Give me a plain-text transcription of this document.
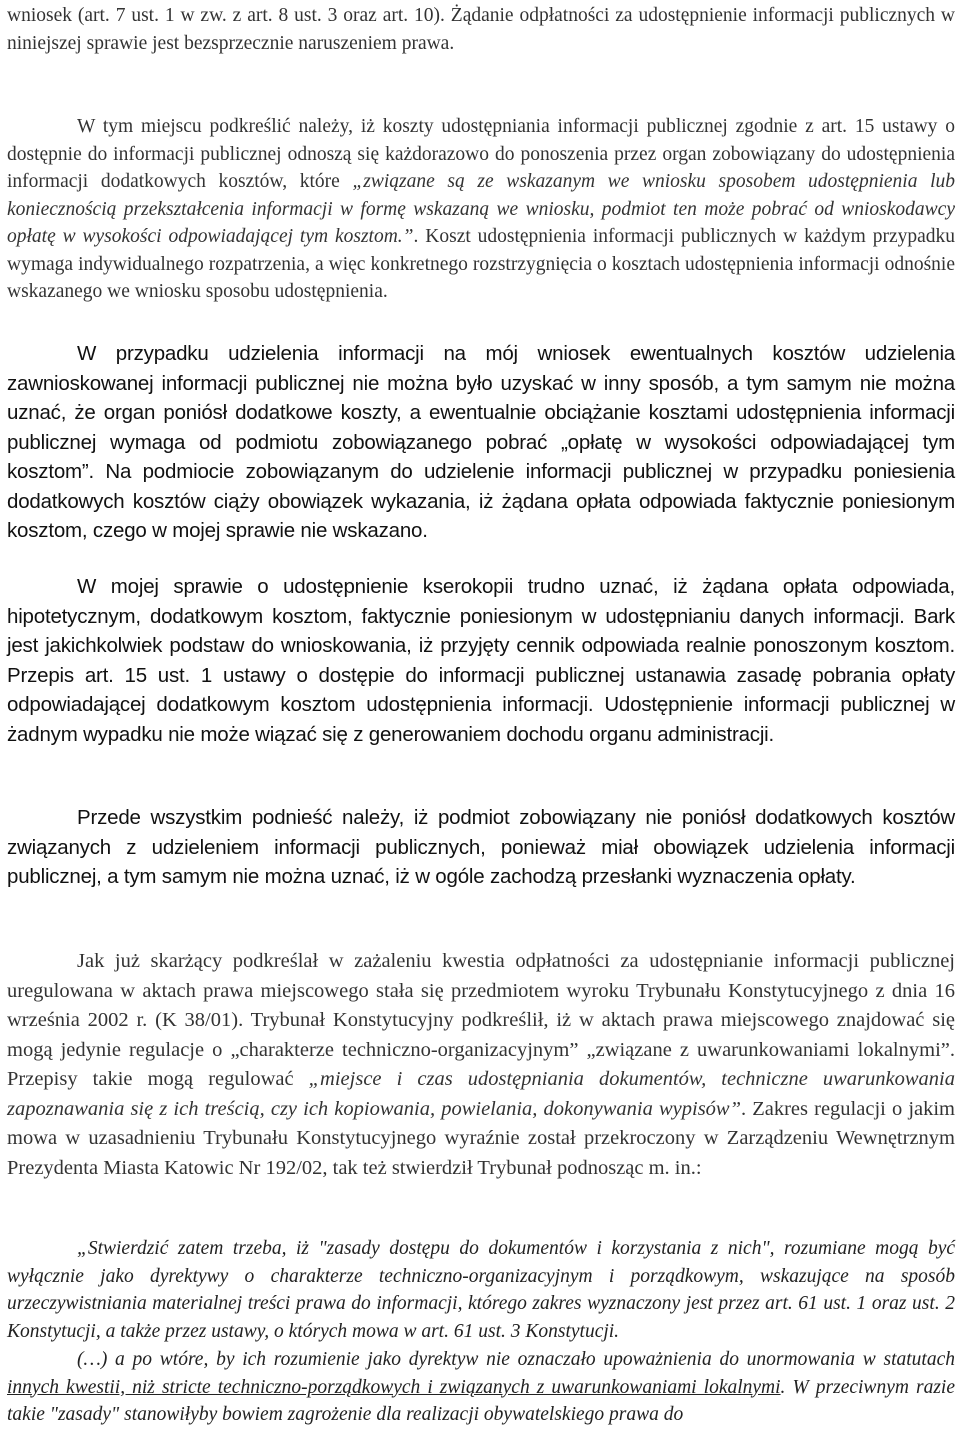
wniosek (art. 7 ust. 1 w zw. z art. 8 ust. 3 oraz art. 10). Żądanie odpłatności za udostępnienie informacji publicznych w niniejszej sprawie jest bezsprzecznie naruszeniem prawa.

W tym miejscu podkreślić należy, iż koszty udostępniania informacji publicznej zgodnie z art. 15 ustawy o dostępnie do informacji publicznej odnoszą się każdorazowo do ponoszenia przez organ zobowiązany do udostępnienia informacji dodatkowych kosztów, które „związane są ze wskazanym we wniosku sposobem udostępnienia lub koniecznością przekształcenia informacji w formę wskazaną we wniosku, podmiot ten może pobrać od wnioskodawcy opłatę w wysokości odpowiadającej tym kosztom.”. Koszt udostępnienia informacji publicznych w każdym przypadku wymaga indywidualnego rozpatrzenia, a więc konkretnego rozstrzygnięcia o kosztach udostępnienia informacji odnośnie wskazanego we wniosku sposobu udostępnienia.

W przypadku udzielenia informacji na mój wniosek ewentualnych kosztów udzielenia zawnioskowanej informacji publicznej nie można było uzyskać w inny sposób, a tym samym nie można uznać, że organ poniósł dodatkowe koszty, a ewentualnie obciążanie kosztami udostępnienia informacji publicznej wymaga od podmiotu zobowiązanego pobrać „opłatę w wysokości odpowiadającej tym kosztom”. Na podmiocie zobowiązanym do udzielenie informacji publicznej w przypadku poniesienia dodatkowych kosztów ciąży obowiązek wykazania, iż żądana opłata odpowiada faktycznie poniesionym kosztom, czego w mojej sprawie nie wskazano.

W mojej sprawie o udostępnienie kserokopii trudno uznać, iż żądana opłata odpowiada, hipotetycznym, dodatkowym kosztom, faktycznie poniesionym w udostępnianiu danych informacji. Bark jest jakichkolwiek podstaw do wnioskowania, iż przyjęty cennik odpowiada realnie ponoszonym kosztom. Przepis art. 15 ust. 1 ustawy o dostępie do informacji publicznej ustanawia zasadę pobrania opłaty odpowiadającej dodatkowym kosztom udostępnienia informacji. Udostępnienie informacji publicznej w żadnym wypadku nie może wiązać się z generowaniem dochodu organu administracji.

Przede wszystkim podnieść należy, iż podmiot zobowiązany nie poniósł dodatkowych kosztów związanych z udzieleniem informacji publicznych, ponieważ miał obowiązek udzielenia informacji publicznej, a tym samym nie można uznać, iż w ogóle zachodzą przesłanki wyznaczenia opłaty.

Jak już skarżący podkreślał w zażaleniu kwestia odpłatności za udostępnianie informacji publicznej uregulowana w aktach prawa miejscowego stała się przedmiotem wyroku Trybunału Konstytucyjnego z dnia 16 września 2002 r. (K 38/01). Trybunał Konstytucyjny podkreślił, iż w aktach prawa miejscowego znajdować się mogą jedynie regulacje o „charakterze techniczno-organizacyjnym” „związane z uwarunkowaniami lokalnymi”. Przepisy takie mogą regulować „miejsce i czas udostępniania dokumentów, techniczne uwarunkowania zapoznawania się z ich treścią, czy ich kopiowania, powielania, dokonywania wypisów”. Zakres regulacji o jakim mowa w uzasadnieniu Trybunału Konstytucyjnego wyraźnie został przekroczony w Zarządzeniu Wewnętrznym Prezydenta Miasta Katowic Nr 192/02, tak też stwierdził Trybunał podnosząc m. in.:

„Stwierdzić zatem trzeba, iż "zasady dostępu do dokumentów i korzystania z nich", rozumiane mogą być wyłącznie jako dyrektywy o charakterze techniczno-organizacyjnym i porządkowym, wskazujące na sposób urzeczywistniania materialnej treści prawa do informacji, którego zakres wyznaczony jest przez art. 61 ust. 1 oraz ust. 2 Konstytucji, a także przez ustawy, o których mowa w art. 61 ust. 3 Konstytucji.

(…) a po wtóre, by ich rozumienie jako dyrektyw nie oznaczało upoważnienia do unormowania w statutach innych kwestii, niż stricte techniczno-porządkowych i związanych z uwarunkowaniami lokalnymi. W przeciwnym razie takie "zasady" stanowiłyby bowiem zagrożenie dla realizacji obywatelskiego prawa do
